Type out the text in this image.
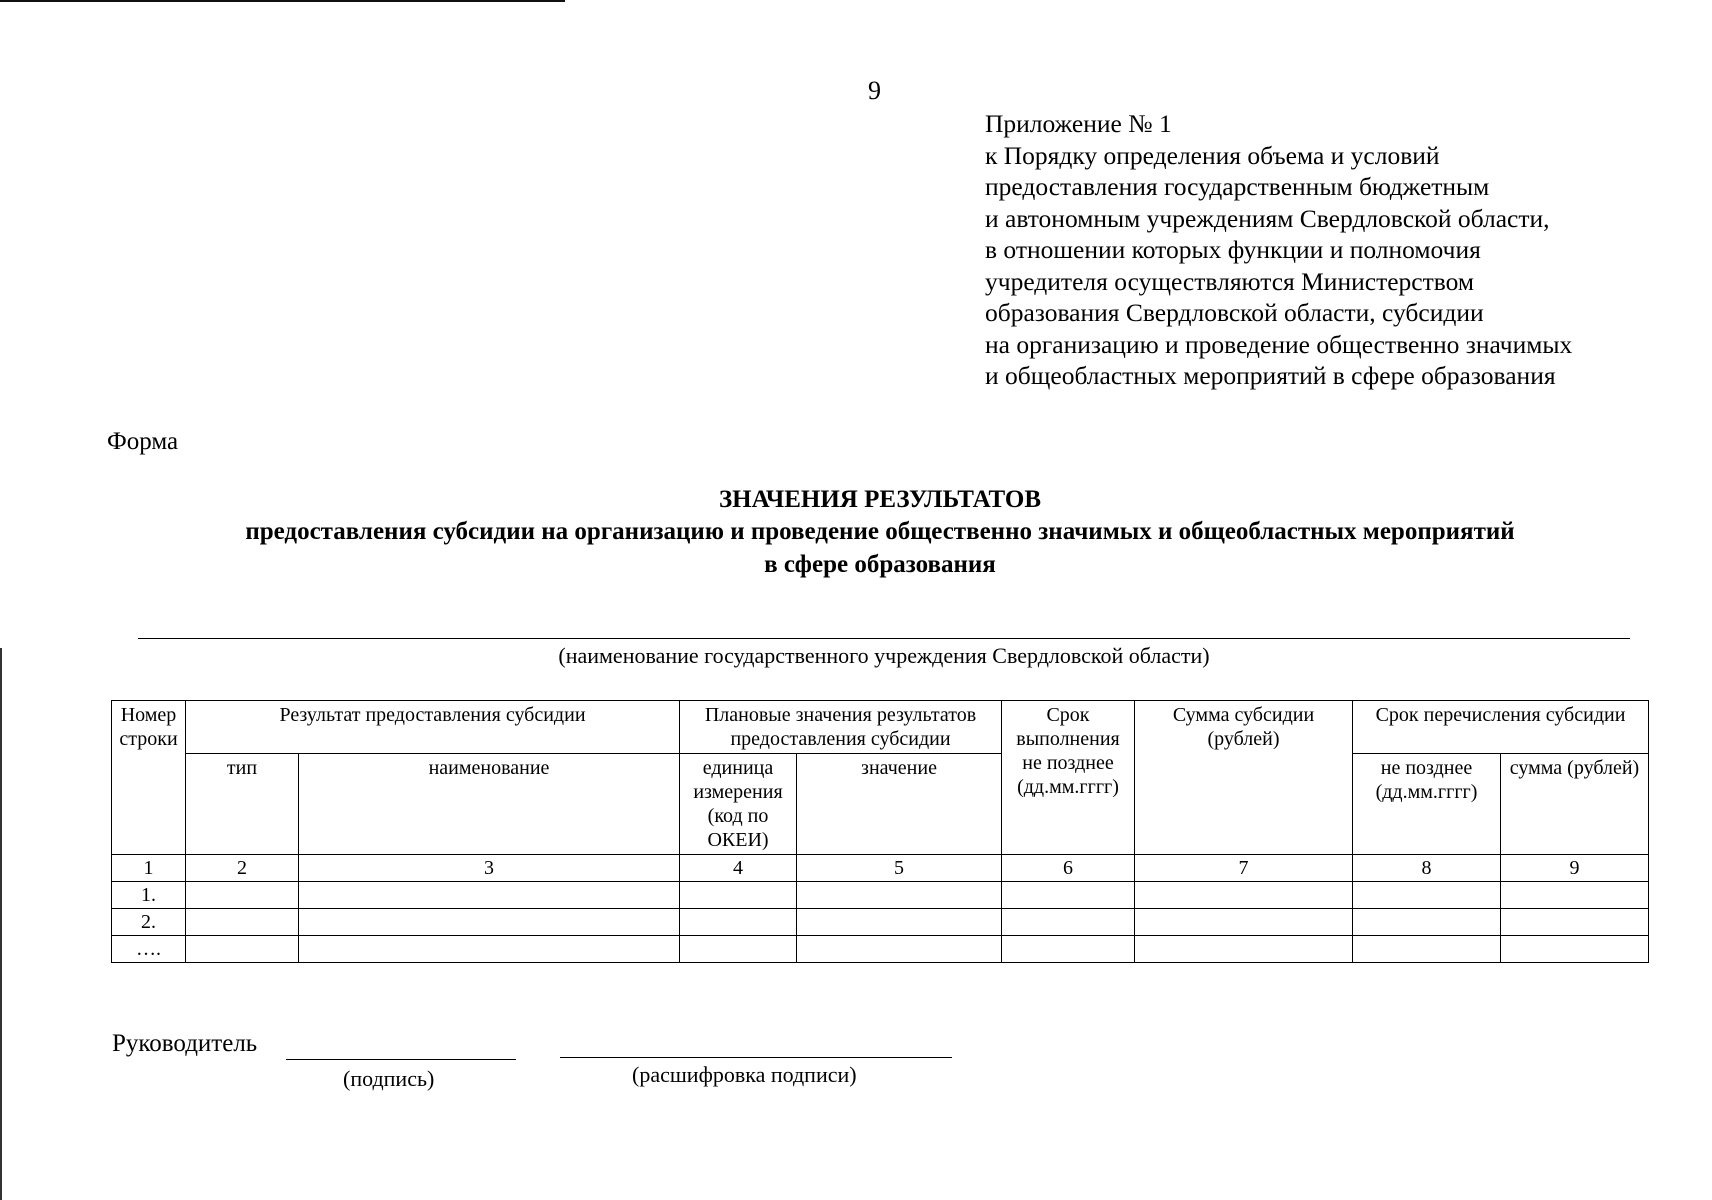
9
Приложение № 1
к Порядку определения объема и условий
предоставления государственным бюджетным
и автономным учреждениям Свердловской области,
в отношении которых функции и полномочия
учредителя осуществляются Министерством
образования Свердловской области, субсидии
на организацию и проведение общественно значимых
и общеобластных мероприятий в сфере образования
Форма
ЗНАЧЕНИЯ РЕЗУЛЬТАТОВ
предоставления субсидии на организацию и проведение общественно значимых и общеобластных мероприятий
в сфере образования
(наименование государственного учреждения Свердловской области)
Номер строки	Результат предоставления субсидии		Плановые значения результатов предоставления субсидии		Срок выполнения не позднее (дд.мм.гггг)	Сумма субсидии (рублей)	Срок перечисления субсидии	
	тип	наименование	единица измерения (код по ОКЕИ)	значение			не позднее (дд.мм.гггг)	сумма (рублей)
1	2	3	4	5	6	7	8	9
1.								
2.								
….								
Руководитель
(подпись)	(расшифровка подписи)
